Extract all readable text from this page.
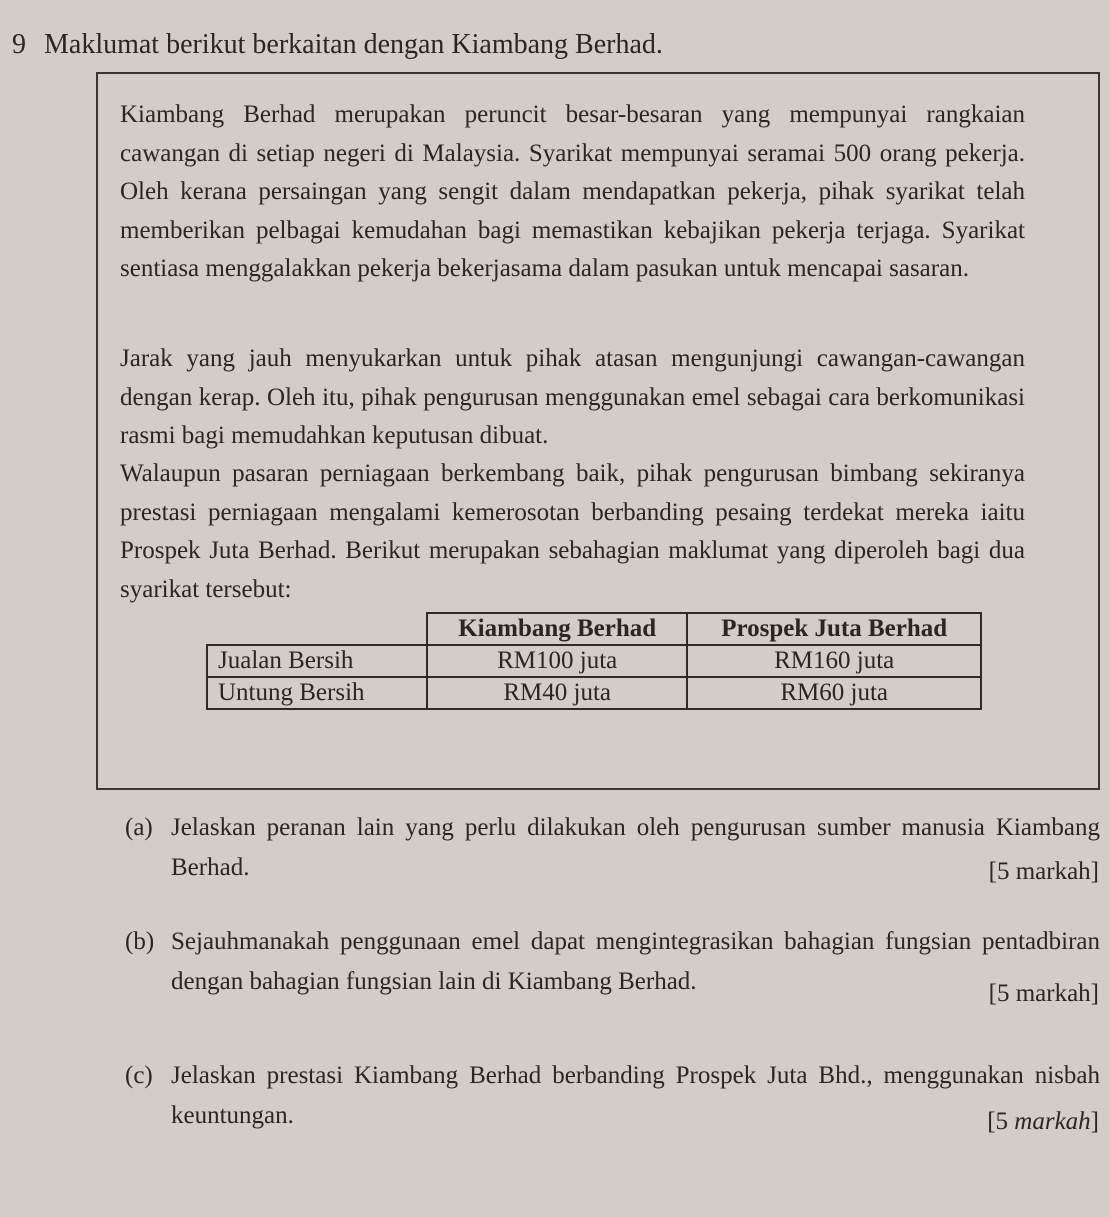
9 Maklumat berikut berkaitan dengan Kiambang Berhad.

Kiambang Berhad merupakan peruncit besar-besaran yang mempunyai rangkaian cawangan di setiap negeri di Malaysia. Syarikat mempunyai seramai 500 orang pekerja. Oleh kerana persaingan yang sengit dalam mendapatkan pekerja, pihak syarikat telah memberikan pelbagai kemudahan bagi memastikan kebajikan pekerja terjaga. Syarikat sentiasa menggalakkan pekerja bekerjasama dalam pasukan untuk mencapai sasaran.

Jarak yang jauh menyukarkan untuk pihak atasan mengunjungi cawangan-cawangan dengan kerap. Oleh itu, pihak pengurusan menggunakan emel sebagai cara berkomunikasi rasmi bagi memudahkan keputusan dibuat.

Walaupun pasaran perniagaan berkembang baik, pihak pengurusan bimbang sekiranya prestasi perniagaan mengalami kemerosotan berbanding pesaing terdekat mereka iaitu Prospek Juta Berhad. Berikut merupakan sebahagian maklumat yang diperoleh bagi dua syarikat tersebut:

	Kiambang Berhad	Prospek Juta Berhad
Jualan Bersih	RM100 juta	RM160 juta
Untung Bersih	RM40 juta	RM60 juta
(a) Jelaskan peranan lain yang perlu dilakukan oleh pengurusan sumber manusia Kiambang Berhad.	[5 markah]
(b) Sejauhmanakah penggunaan emel dapat mengintegrasikan bahagian fungsian pentadbiran dengan bahagian fungsian lain di Kiambang Berhad.	[5 markah]
(c) Jelaskan prestasi Kiambang Berhad berbanding Prospek Juta Bhd., menggunakan nisbah keuntungan.	[5 markah]
